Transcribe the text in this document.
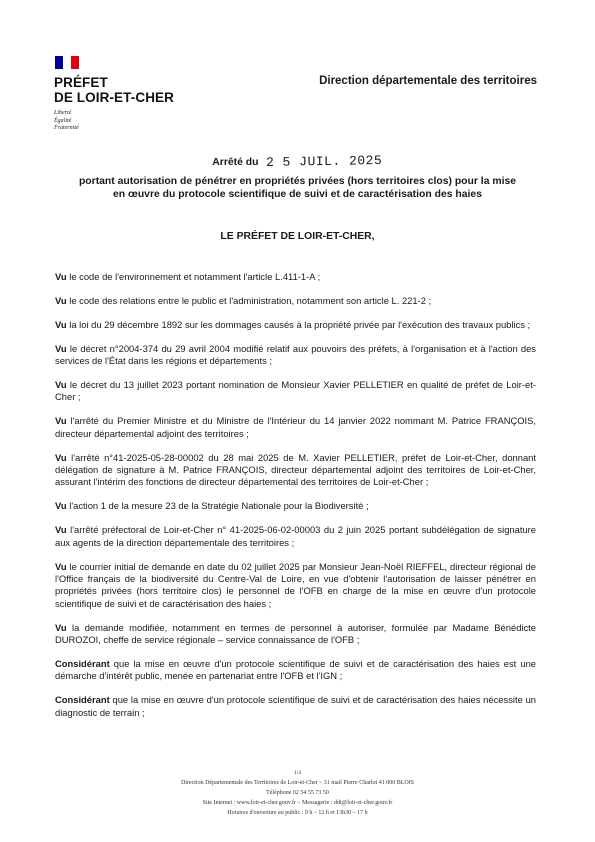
PRÉFET
DE LOIR-ET-CHER
Liberté
Égalité
Fraternité
Direction départementale des territoires
Arrêté du 2 5 JUIL. 2025
portant autorisation de pénétrer en propriétés privées (hors territoires clos) pour la mise
en œuvre du protocole scientifique de suivi et de caractérisation des haies
LE PRÉFET DE LOIR-ET-CHER,

Vu le code de l'environnement et notamment l'article L.411-1-A ;

Vu le code des relations entre le public et l'administration, notamment son article L. 221-2 ;

Vu la loi du 29 décembre 1892 sur les dommages causés à la propriété privée par l'exécution des travaux publics ;

Vu le décret n°2004-374 du 29 avril 2004 modifié relatif aux pouvoirs des préfets, à l'organisation et à l'action des services de l'État dans les régions et départements ;

Vu le décret du 13 juillet 2023 portant nomination de Monsieur Xavier PELLETIER en qualité de préfet de Loir-et-Cher ;

Vu l'arrêté du Premier Ministre et du Ministre de l'Intérieur du 14 janvier 2022 nommant M. Patrice FRANÇOIS, directeur départemental adjoint des territoires ;

Vu l'arrêté n°41-2025-05-28-00002 du 28 mai 2025 de M. Xavier PELLETIER, préfet de Loir-et-Cher, donnant délégation de signature à M. Patrice FRANÇOIS, directeur départemental adjoint des territoires de Loir-et-Cher, assurant l'intérim des fonctions de directeur départemental des territoires de Loir-et-Cher ;

Vu l'action 1 de la mesure 23 de la Stratégie Nationale pour la Biodiversité ;

Vu l'arrêté préfectoral de Loir-et-Cher n° 41-2025-06-02-00003 du 2 juin 2025 portant subdélégation de signature aux agents de la direction départementale des territoires ;

Vu le courrier initial de demande en date du 02 juillet 2025 par Monsieur Jean-Noël RIEFFEL, directeur régional de l'Office français de la biodiversité du Centre-Val de Loire, en vue d'obtenir l'autorisation de laisser pénétrer en propriétés privées (hors territoire clos) le personnel de l'OFB en charge de la mise en œuvre d'un protocole scientifique de suivi et de caractérisation des haies ;

Vu la demande modifiée, notamment en termes de personnel à autoriser, formulée par Madame Bénédicte DUROZOI, cheffe de service régionale – service connaissance de l'OFB ;

Considérant que la mise en œuvre d'un protocole scientifique de suivi et de caractérisation des haies est une démarche d'intérêt public, menée en partenariat entre l'OFB et l'IGN ;

Considérant que la mise en œuvre d'un protocole scientifique de suivi et de caractérisation des haies nécessite un diagnostic de terrain ;

1/4
Direction Départementale des Territoires de Loir-et-Cher – 31 mail Pierre Charlot 41 000 BLOIS
Téléphone 02 54 55 73 50
Site Internet : www.loir-et-cher.gouv.fr – Messagerie : ddt@loir-et-cher.gouv.fr
Horaires d'ouverture au public : 9 h – 12 h et 13h30 – 17 h
